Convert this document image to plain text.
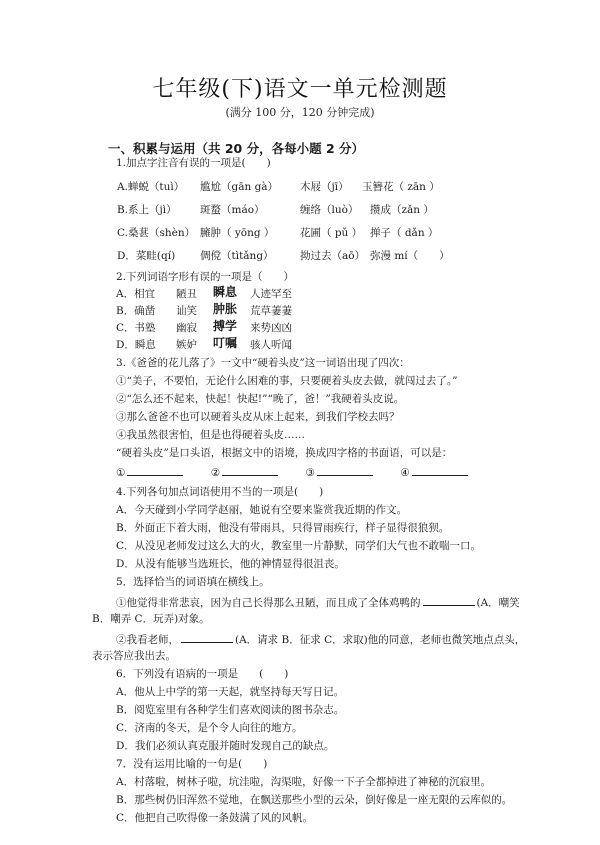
七年级(下)语文一单元检测题
(满分 100 分，120 分钟完成)
一、积累与运用（共 20 分，各每小题 2 分）
1.加点字注音有误的一项是(　　)
A.蝉蜕（tuì） 尴尬（gān gà） 木屐（jī） 玉簪花（ zān ）
B.系上（jì） 斑蝥（máo）	缠络（luò） 攒成（zǎn ）
C.桑葚（shèn） 臃肿（ yōng ） 花圃（ pǔ ） 掸子（ dǎn ）
D．菜畦(qí) 倜傥（tìtǎng）	拗过去（aō） 弥漫 mí（　　）
2.下列词语字形有误的一项是（　　）
A．相宜 陋丑 瞬息 人迹罕至
B．确凿 讪笑 肿胀 荒草萋萋
C．书塾 幽寂 搏学 来势凶凶
D．瞬息 嫉妒 叮嘱 骇人听闻
3.《爸爸的花儿落了》一文中“硬着头皮”这一词语出现了四次：
①“美子，不要怕，无论什么困难的事，只要硬着头皮去做，就闯过去了。”
②“怎么还不起来，快起！快起!”“晚了，爸！”我硬着头皮说。
③那么爸爸不也可以硬着头皮从床上起来，到我们学校去吗？
④我虽然很害怕，但是也得硬着头皮……
“硬着头皮”是口头语，根据文中的语境，换成四字格的书面语，可以是：
①	②	③	④
4.下列各句加点词语使用不当的一项是(　　)
A．今天碰到小学同学赵丽，她说有空要来鉴赏我近期的作文。
B．外面正下着大雨，他没有带雨具，只得冒雨疾行，样子显得很狼狈。
C．从没见老师发过这么大的火，教室里一片静默，同学们大气也不敢喘一口。
D．从没有能够当选班长，他的神情显得很沮丧。
5．选择恰当的词语填在横线上。
①他觉得非常悲哀，因为自己长得那么丑陋，而且成了全体鸡鸭的	(A．嘲笑
B．嘲弄 C．玩弄)对象。
②我看老师，	(A．请求 B．征求 C．求取)他的同意，老师也微笑地点点头，
表示答应我出去。
6．下列没有语病的一项是　　(　　)
A．他从上中学的第一天起，就坚持每天写日记。
B．阅览室里有各种学生们喜欢阅读的图书杂志。
C．济南的冬天，是个令人向往的地方。
D．我们必须认真克服并随时发现自己的缺点。
7．没有运用比喻的一句是(　　)
A．村落啦，树林子啦，坑洼啦，沟渠啦，好像一下子全都掉进了神秘的沉寂里。
B．那些树仍旧浑然不觉地，在飘送那些小型的云朵，倒好像是一座无限的云库似的。
C．他把自己吹得像一条鼓满了风的风帆。
